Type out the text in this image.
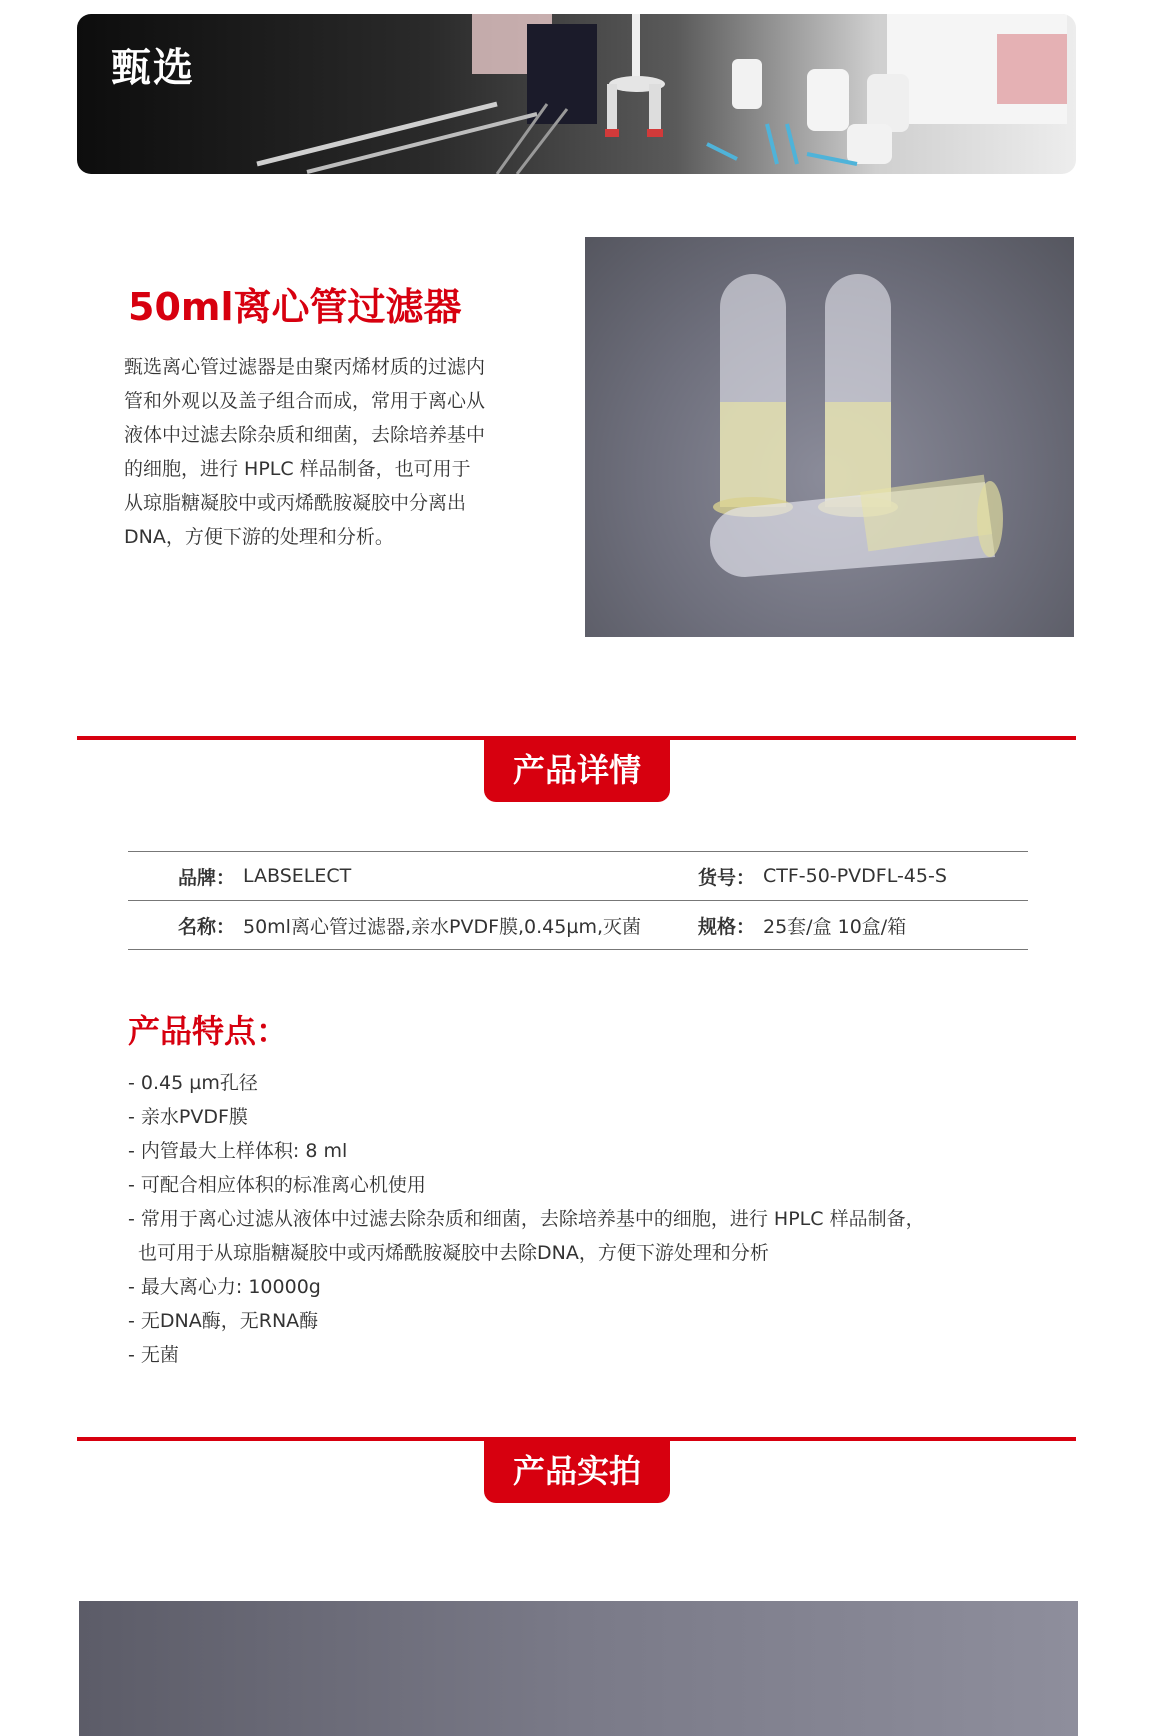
甄选
50ml离心管过滤器

甄选离心管过滤器是由聚丙烯材质的过滤内管和外观以及盖子组合而成，常用于离心从液体中过滤去除杂质和细菌，去除培养基中的细胞，进行 HPLC 样品制备，也可用于从琼脂糖凝胶中或丙烯酰胺凝胶中分离出DNA，方便下游的处理和分析。

产品详情
品牌：	LABSELECT	货号：	CTF-50-PVDFL-45-S
名称：	50ml离心管过滤器,亲水PVDF膜,0.45µm,灭菌	规格：	25套/盒 10盒/箱
产品特点：
- 0.45 µm孔径
- 亲水PVDF膜
- 内管最大上样体积: 8 ml
- 可配合相应体积的标准离心机使用
- 常用于离心过滤从液体中过滤去除杂质和细菌，去除培养基中的细胞，进行 HPLC 样品制备，
也可用于从琼脂糖凝胶中或丙烯酰胺凝胶中去除DNA，方便下游处理和分析
- 最大离心力: 10000g
- 无DNA酶，无RNA酶
- 无菌
产品实拍
